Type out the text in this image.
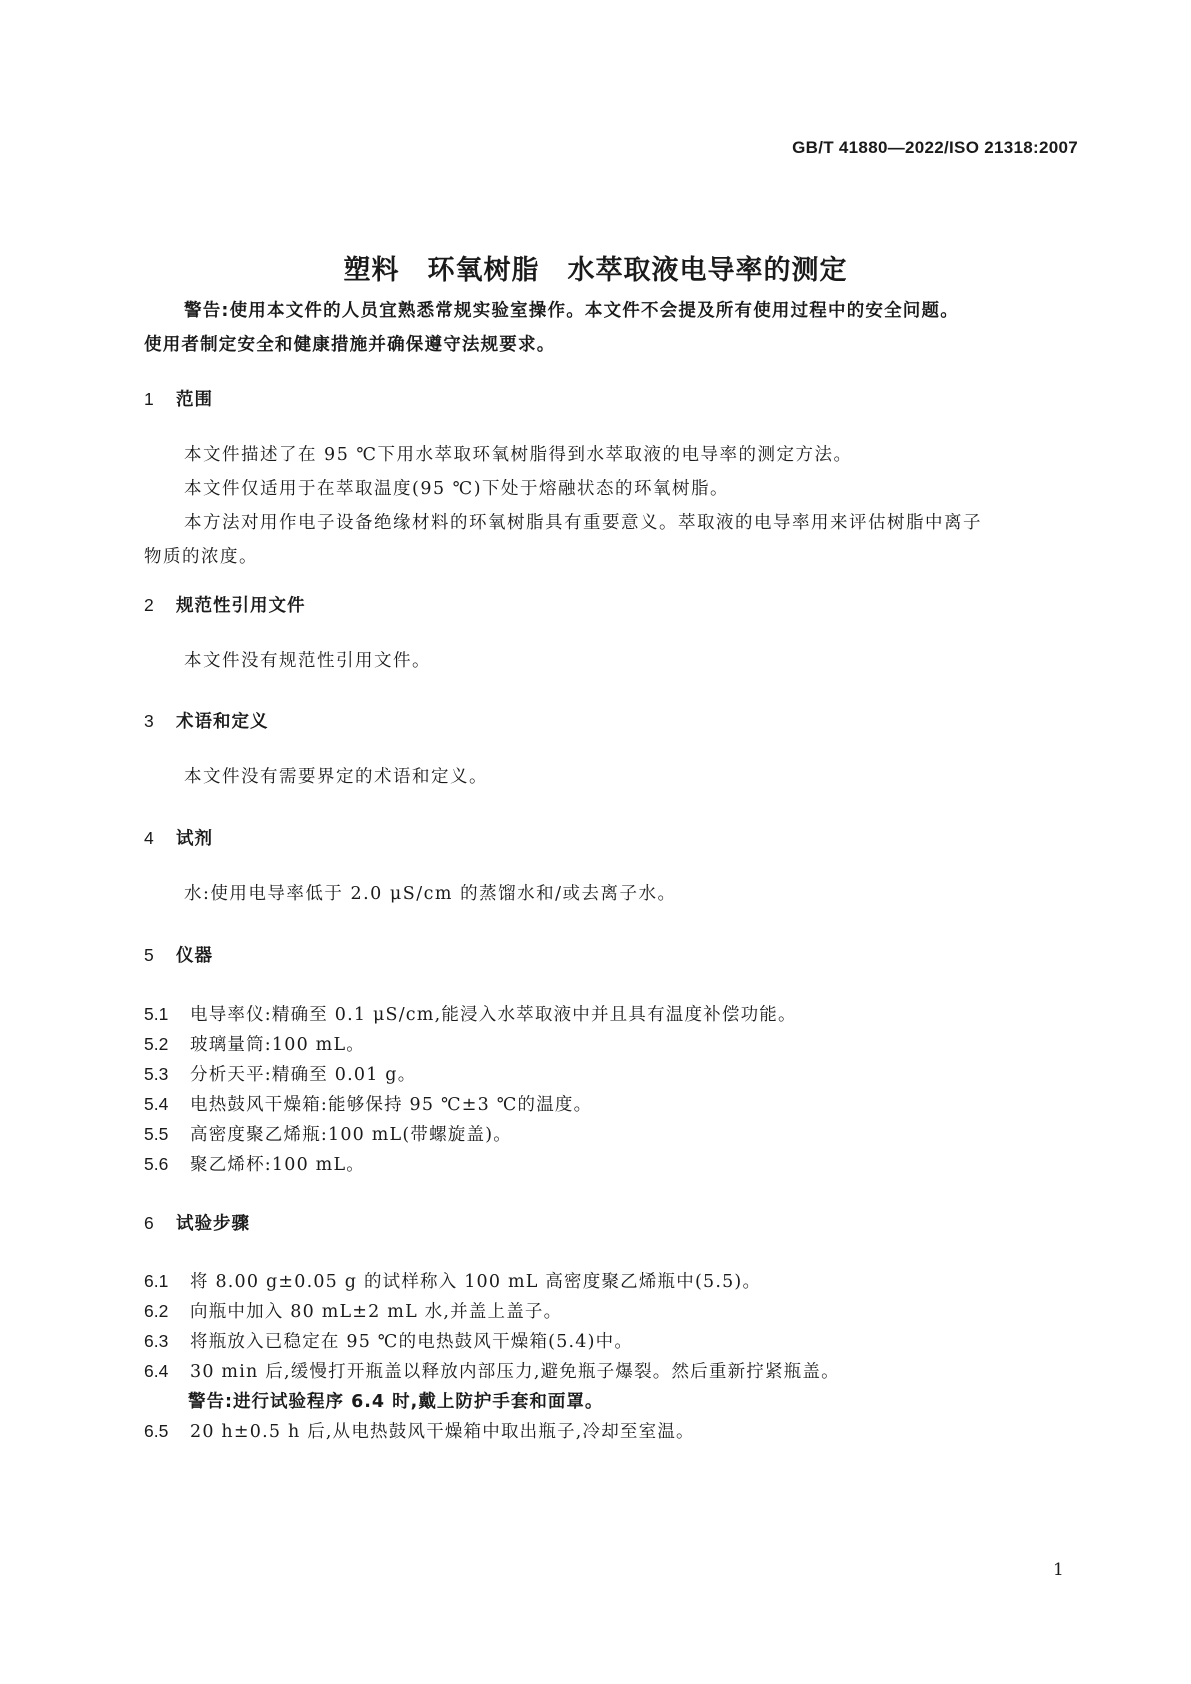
GB/T 41880—2022/ISO 21318:2007
塑料 环氧树脂 水萃取液电导率的测定
警告:使用本文件的人员宜熟悉常规实验室操作。本文件不会提及所有使用过程中的安全问题。
使用者制定安全和健康措施并确保遵守法规要求。
1 范围
本文件描述了在 95 ℃下用水萃取环氧树脂得到水萃取液的电导率的测定方法。
本文件仅适用于在萃取温度(95 ℃)下处于熔融状态的环氧树脂。
本方法对用作电子设备绝缘材料的环氧树脂具有重要意义。萃取液的电导率用来评估树脂中离子
物质的浓度。
2 规范性引用文件
本文件没有规范性引用文件。
3 术语和定义
本文件没有需要界定的术语和定义。
4 试剂
水:使用电导率低于 2.0 μS/cm 的蒸馏水和/或去离子水。
5 仪器
5.1 电导率仪:精确至 0.1 μS/cm,能浸入水萃取液中并且具有温度补偿功能。
5.2 玻璃量筒:100 mL。
5.3 分析天平:精确至 0.01 g。
5.4 电热鼓风干燥箱:能够保持 95 ℃±3 ℃的温度。
5.5 高密度聚乙烯瓶:100 mL(带螺旋盖)。
5.6 聚乙烯杯:100 mL。
6 试验步骤
6.1 将 8.00 g±0.05 g 的试样称入 100 mL 高密度聚乙烯瓶中(5.5)。
6.2 向瓶中加入 80 mL±2 mL 水,并盖上盖子。
6.3 将瓶放入已稳定在 95 ℃的电热鼓风干燥箱(5.4)中。
6.4 30 min 后,缓慢打开瓶盖以释放内部压力,避免瓶子爆裂。然后重新拧紧瓶盖。
警告:进行试验程序 6.4 时,戴上防护手套和面罩。
6.5 20 h±0.5 h 后,从电热鼓风干燥箱中取出瓶子,冷却至室温。
1
